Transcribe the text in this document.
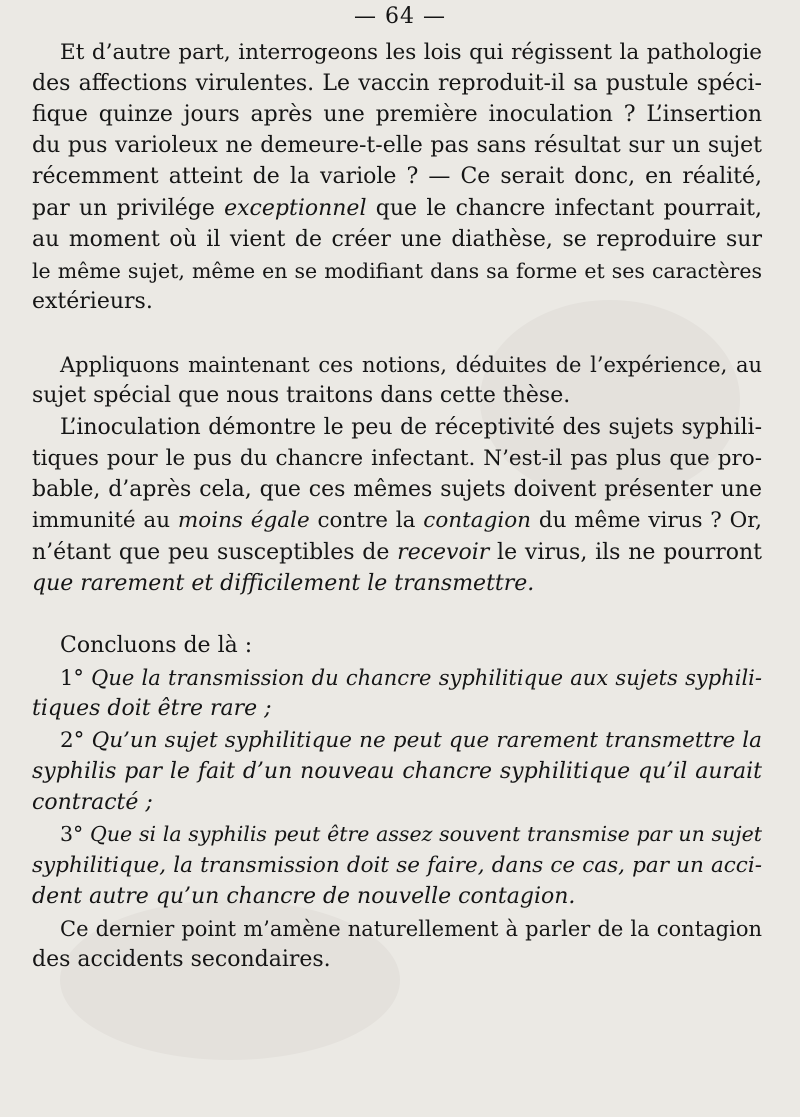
— 64 —
Et d’autre part, interrogeons les lois qui régissent la pathologie
des affections virulentes. Le vaccin reproduit-il sa pustule spéci-
fique quinze jours après une première inoculation ? L’insertion
du pus varioleux ne demeure-t-elle pas sans résultat sur un sujet
récemment atteint de la variole ? — Ce serait donc, en réalité,
par un privilége exceptionnel que le chancre infectant pourrait,
au moment où il vient de créer une diathèse, se reproduire sur
le même sujet, même en se modifiant dans sa forme et ses caractères
extérieurs.
Appliquons maintenant ces notions, déduites de l’expérience, au
sujet spécial que nous traitons dans cette thèse.
L’inoculation démontre le peu de réceptivité des sujets syphili-
tiques pour le pus du chancre infectant. N’est-il pas plus que pro-
bable, d’après cela, que ces mêmes sujets doivent présenter une
immunité au moins égale contre la contagion du même virus ? Or,
n’étant que peu susceptibles de recevoir le virus, ils ne pourront
que rarement et difficilement le transmettre.
Concluons de là :
1° Que la transmission du chancre syphilitique aux sujets syphili-
tiques doit être rare ;
2° Qu’un sujet syphilitique ne peut que rarement transmettre la
syphilis par le fait d’un nouveau chancre syphilitique qu’il aurait
contracté ;
3° Que si la syphilis peut être assez souvent transmise par un sujet
syphilitique, la transmission doit se faire, dans ce cas, par un acci-
dent autre qu’un chancre de nouvelle contagion.
Ce dernier point m’amène naturellement à parler de la contagion
des accidents secondaires.
